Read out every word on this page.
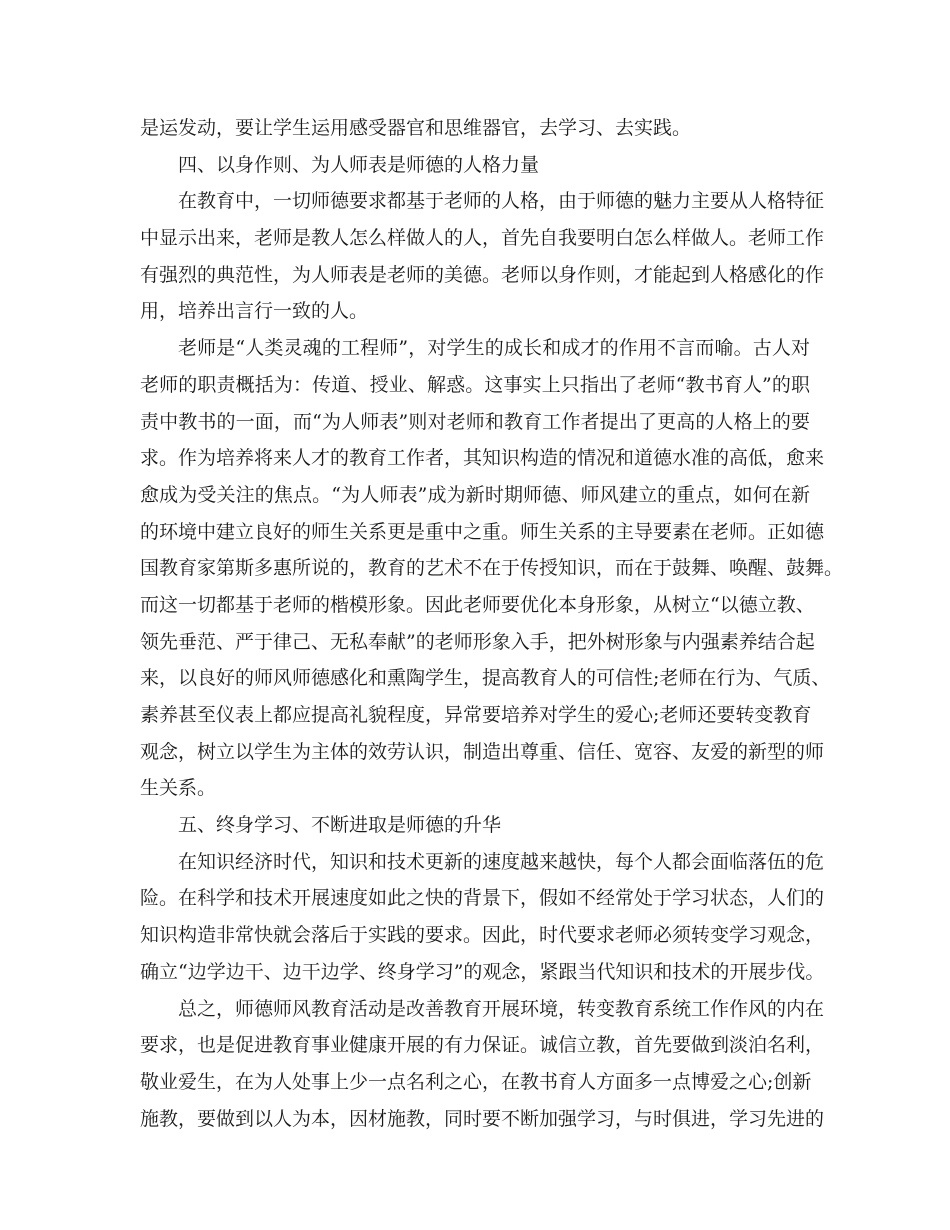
是运发动，要让学生运用感受器官和思维器官，去学习、去实践。
四、以身作则、为人师表是师德的人格力量
在教育中，一切师德要求都基于老师的人格，由于师德的魅力主要从人格特征
中显示出来，老师是教人怎么样做人的人，首先自我要明白怎么样做人。老师工作
有强烈的典范性，为人师表是老师的美德。老师以身作则，才能起到人格感化的作
用，培养出言行一致的人。
老师是“人类灵魂的工程师”，对学生的成长和成才的作用不言而喻。古人对
老师的职责概括为：传道、授业、解惑。这事实上只指出了老师“教书育人”的职
责中教书的一面，而“为人师表”则对老师和教育工作者提出了更高的人格上的要
求。作为培养将来人才的教育工作者，其知识构造的情况和道德水准的高低，愈来
愈成为受关注的焦点。“为人师表”成为新时期师德、师风建立的重点，如何在新
的环境中建立良好的师生关系更是重中之重。师生关系的主导要素在老师。正如德
国教育家第斯多惠所说的，教育的艺术不在于传授知识，而在于鼓舞、唤醒、鼓舞。
而这一切都基于老师的楷模形象。因此老师要优化本身形象，从树立“以德立教、
领先垂范、严于律己、无私奉献”的老师形象入手，把外树形象与内强素养结合起
来，以良好的师风师德感化和熏陶学生，提高教育人的可信性;老师在行为、气质、
素养甚至仪表上都应提高礼貌程度，异常要培养对学生的爱心;老师还要转变教育
观念，树立以学生为主体的效劳认识，制造出尊重、信任、宽容、友爱的新型的师
生关系。
五、终身学习、不断进取是师德的升华
在知识经济时代，知识和技术更新的速度越来越快，每个人都会面临落伍的危
险。在科学和技术开展速度如此之快的背景下，假如不经常处于学习状态，人们的
知识构造非常快就会落后于实践的要求。因此，时代要求老师必须转变学习观念，
确立“边学边干、边干边学、终身学习”的观念，紧跟当代知识和技术的开展步伐。
总之，师德师风教育活动是改善教育开展环境，转变教育系统工作作风的内在
要求，也是促进教育事业健康开展的有力保证。诚信立教，首先要做到淡泊名利，
敬业爱生，在为人处事上少一点名利之心，在教书育人方面多一点博爱之心;创新
施教，要做到以人为本，因材施教，同时要不断加强学习，与时俱进，学习先进的
